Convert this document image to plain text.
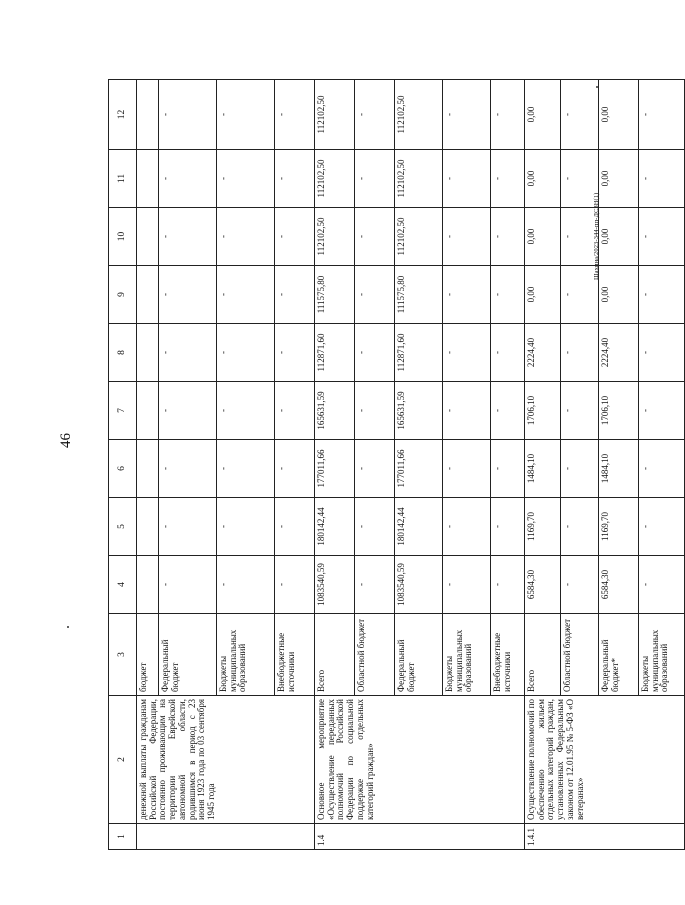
46
Шахина/2023-344-пп-ДСЗН(1)
1	2	3	4	5	6	7	8	9	10	11	12
	денежной выплаты гражданам Российской Федерации, постоянно проживающим на территории Еврейской автономной области, родившимся в период с 23 июня 1923 года по 03 сентября 1945 года	бюджет									
		Федеральный бюджет	-	-	-	-	-	-	-	-	-
		Бюджеты муниципальных образований	-	-	-	-	-	-	-	-	-
		Внебюджетные источники	-	-	-	-	-	-	-	-	-
1.4	Основное мероприятие «Осуществление переданных полномочий Российской Федерации по социальной поддержке отдельных категорий граждан»	Всего	1083540,59	180142,44	177011,66	165631,59	112871,60	111575,80	112102,50	112102,50	112102,50
		Областной бюджет	-	-	-	-	-	-	-	-	-
		Федеральный бюджет	1083540,59	180142,44	177011,66	165631,59	112871,60	111575,80	112102,50	112102,50	112102,50
		Бюджеты муниципальных образований	-	-	-	-	-	-	-	-	-
		Внебюджетные источники	-	-	-	-	-	-	-	-	-
1.4.1	Осуществление полномочий по обеспечению жильем отдельных категорий граждан, установленных Федеральным законом от 12.01.95 № 5-ФЗ «О ветеранах»	Всего	6584,30	1169,70	1484,10	1706,10	2224,40	0,00	0,00	0,00	0,00
		Областной бюджет	-	-	-	-	-	-	-	-	-
		Федеральный бюджет*	6584,30	1169,70	1484,10	1706,10	2224,40	0,00	0,00	0,00	0,00
		Бюджеты муниципальных образований	-	-	-	-	-	-	-	-	-
